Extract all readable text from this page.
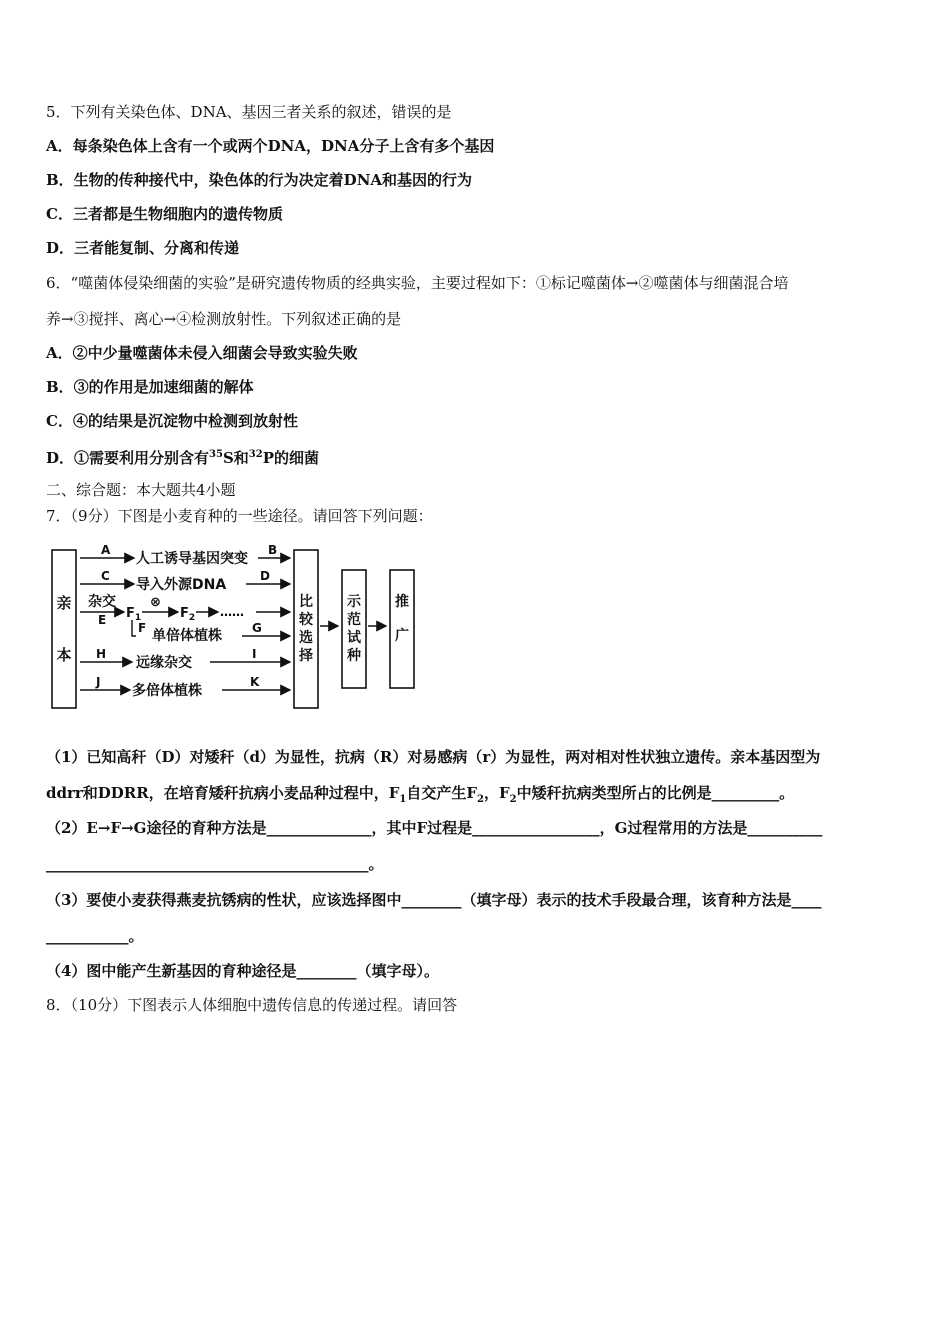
5．下列有关染色体、DNA、基因三者关系的叙述，错误的是
A．每条染色体上含有一个或两个DNA，DNA分子上含有多个基因
B．生物的传种接代中，染色体的行为决定着DNA和基因的行为
C．三者都是生物细胞内的遗传物质
D．三者能复制、分离和传递
6．“噬菌体侵染细菌的实验”是研究遗传物质的经典实验，主要过程如下：①标记噬菌体→②噬菌体与细菌混合培
养→③搅拌、离心→④检测放射性。下列叙述正确的是
A．②中少量噬菌体未侵入细菌会导致实验失败
B．③的作用是加速细菌的解体
C．④的结果是沉淀物中检测到放射性
D．①需要利用分别含有$^{35}$S和$^{32}$P的细菌
二、综合题：本大题共4小题
7．（9分）下图是小麦育种的一些途径。请回答下列问题：
亲
本
A
人工诱导基因突变
B
C
导入外源DNA
D
杂交
E $F_1$
⊗
$F_2$ ……
F 单倍体植株	G
H
远缘杂交
I
J
多倍体植株
K
比
较
选
择
示
范
试
种
推
广
（1）已知高秆（D）对矮秆（d）为显性，抗病（R）对易感病（r）为显性，两对相对性状独立遗传。亲本基因型为
ddrr和DDRR，在培育矮秆抗病小麦品种过程中，$F_1$自交产生$F_2$，$F_2$中矮秆抗病类型所占的比例是_________。
（2）E→F→G途径的育种方法是______________，其中F过程是_________________，G过程常用的方法是__________
___________________________________________。
（3）要使小麦获得燕麦抗锈病的性状，应该选择图中________（填字母）表示的技术手段最合理，该育种方法是____
___________。
（4）图中能产生新基因的育种途径是________（填字母）。
8．（10分）下图表示人体细胞中遗传信息的传递过程。请回答
